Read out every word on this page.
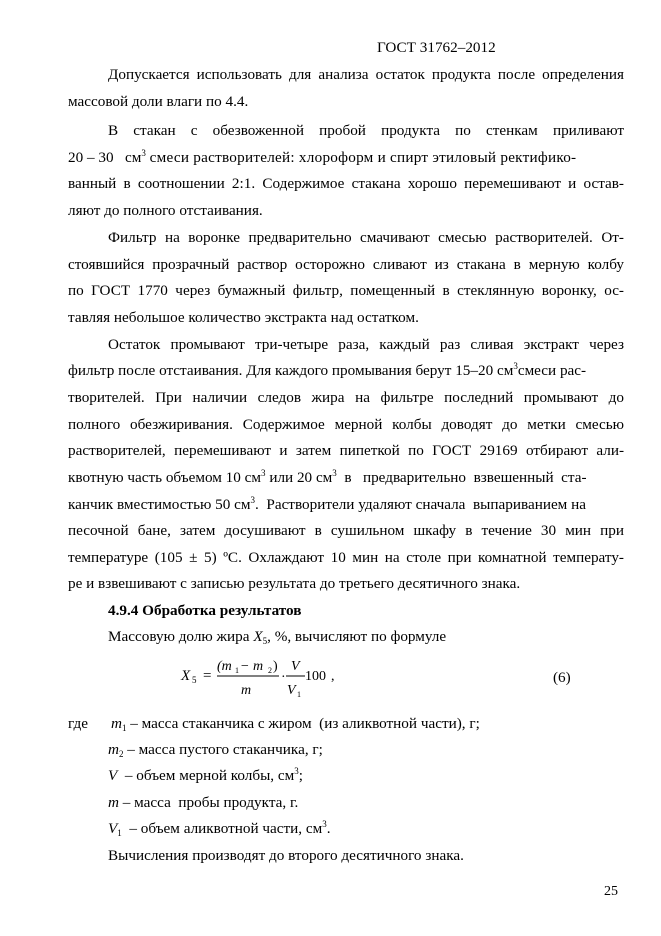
ГОСТ 31762–2012
Допускается использовать для анализа остаток продукта после определения
массовой доли влаги по 4.4.
В стакан с обезвоженной пробой продукта по стенкам приливают
20 – 30 $см^3$ смеси растворителей: хлороформ и спирт этиловый ректифико-
ванный в соотношении 2:1. Содержимое стакана хорошо перемешивают и остав-
ляют до полного отстаивания.
Фильтр на воронке предварительно смачивают смесью растворителей. От-
стоявшийся прозрачный раствор осторожно сливают из стакана в мерную колбу
по ГОСТ 1770 через бумажный фильтр, помещенный в стеклянную воронку, ос-
тавляя небольшое количество экстракта над остатком.
Остаток промывают три-четыре раза, каждый раз сливая экстракт через
фильтр после отстаивания. Для каждого промывания берут 15–20 $см^3смеси$ рас-
творителей. При наличии следов жира на фильтре последний промывают до
полного обезжиривания. Содержимое мерной колбы доводят до метки смесью
растворителей, перемешивают и затем пипеткой по ГОСТ 29169 отбирают али-
квотную часть объемом 10 $см^3$ или 20 $см^3$  в   предварительно  взвешенный  ста-
канчик вместимостью 50 $см^3$.  Растворители удаляют сначала  выпариванием на
песочной бане, затем досушивают в сушильном шкафу в течение 30 мин при
температуре (105 ± 5) ºС. Охлаждают 10 мин на столе при комнатной температу-
ре и взвешивают с записью результата до третьего десятичного знака.
4.9.4 Обработка результатов
Массовую долю жира $X_5$, %, вычисляют по формуле
X 5 =
(m 1 − m 2 )
m
·
V
V 1
100 ,	(6)
где $m_1$ – масса стаканчика с жиром  (из аликвотной части), г;
$m_2$ – масса пустого стаканчика, г;
V  – объем мерной колбы, $см^3$;
m – масса  пробы продукта, г.
$V_1$  – объем аликвотной части, $см^3$.
Вычисления производят до второго десятичного знака.
25
